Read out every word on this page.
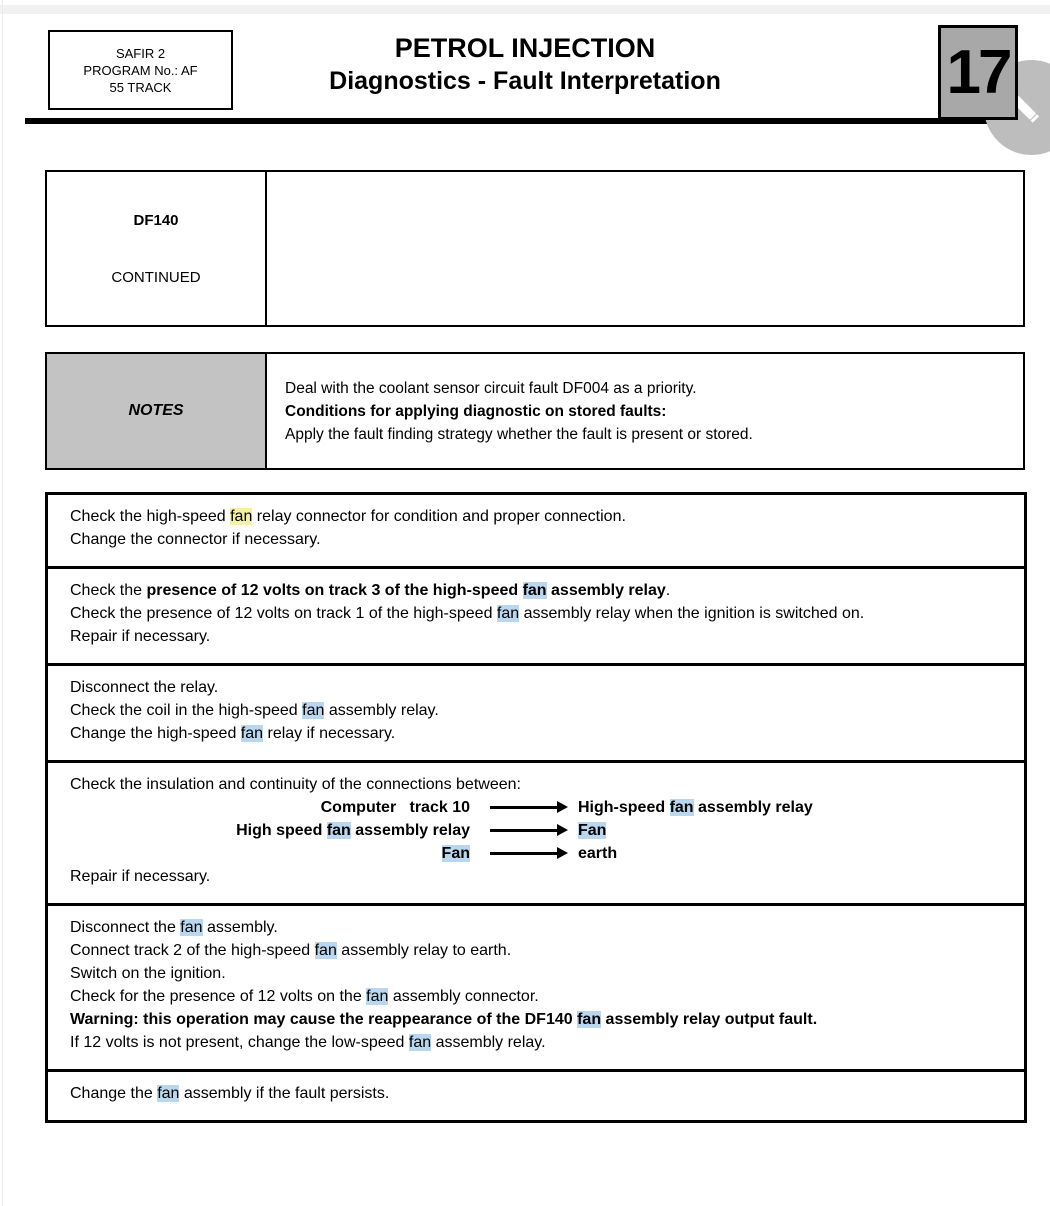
SAFIR 2
PROGRAM No.: AF
55 TRACK
PETROL INJECTION
Diagnostics - Fault Interpretation	17
DF140
CONTINUED
NOTES
Deal with the coolant sensor circuit fault DF004 as a priority.
Conditions for applying diagnostic on stored faults:
Apply the fault finding strategy whether the fault is present or stored.
Check the high-speed fan relay connector for condition and proper connection.
Change the connector if necessary.
Check the presence of 12 volts on track 3 of the high-speed fan assembly relay.
Check the presence of 12 volts on track 1 of the high-speed fan assembly relay when the ignition is switched on.
Repair if necessary.
Disconnect the relay.
Check the coil in the high-speed fan assembly relay.
Change the high-speed fan relay if necessary.
Check the insulation and continuity of the connections between:
Computer   track 10	High-speed fan assembly relay
High speed fan assembly relay	Fan
Fan	earth
Repair if necessary.
Disconnect the fan assembly.
Connect track 2 of the high-speed fan assembly relay to earth.
Switch on the ignition.
Check for the presence of 12 volts on the fan assembly connector.
Warning: this operation may cause the reappearance of the DF140 fan assembly relay output fault.
If 12 volts is not present, change the low-speed fan assembly relay.
Change the fan assembly if the fault persists.
